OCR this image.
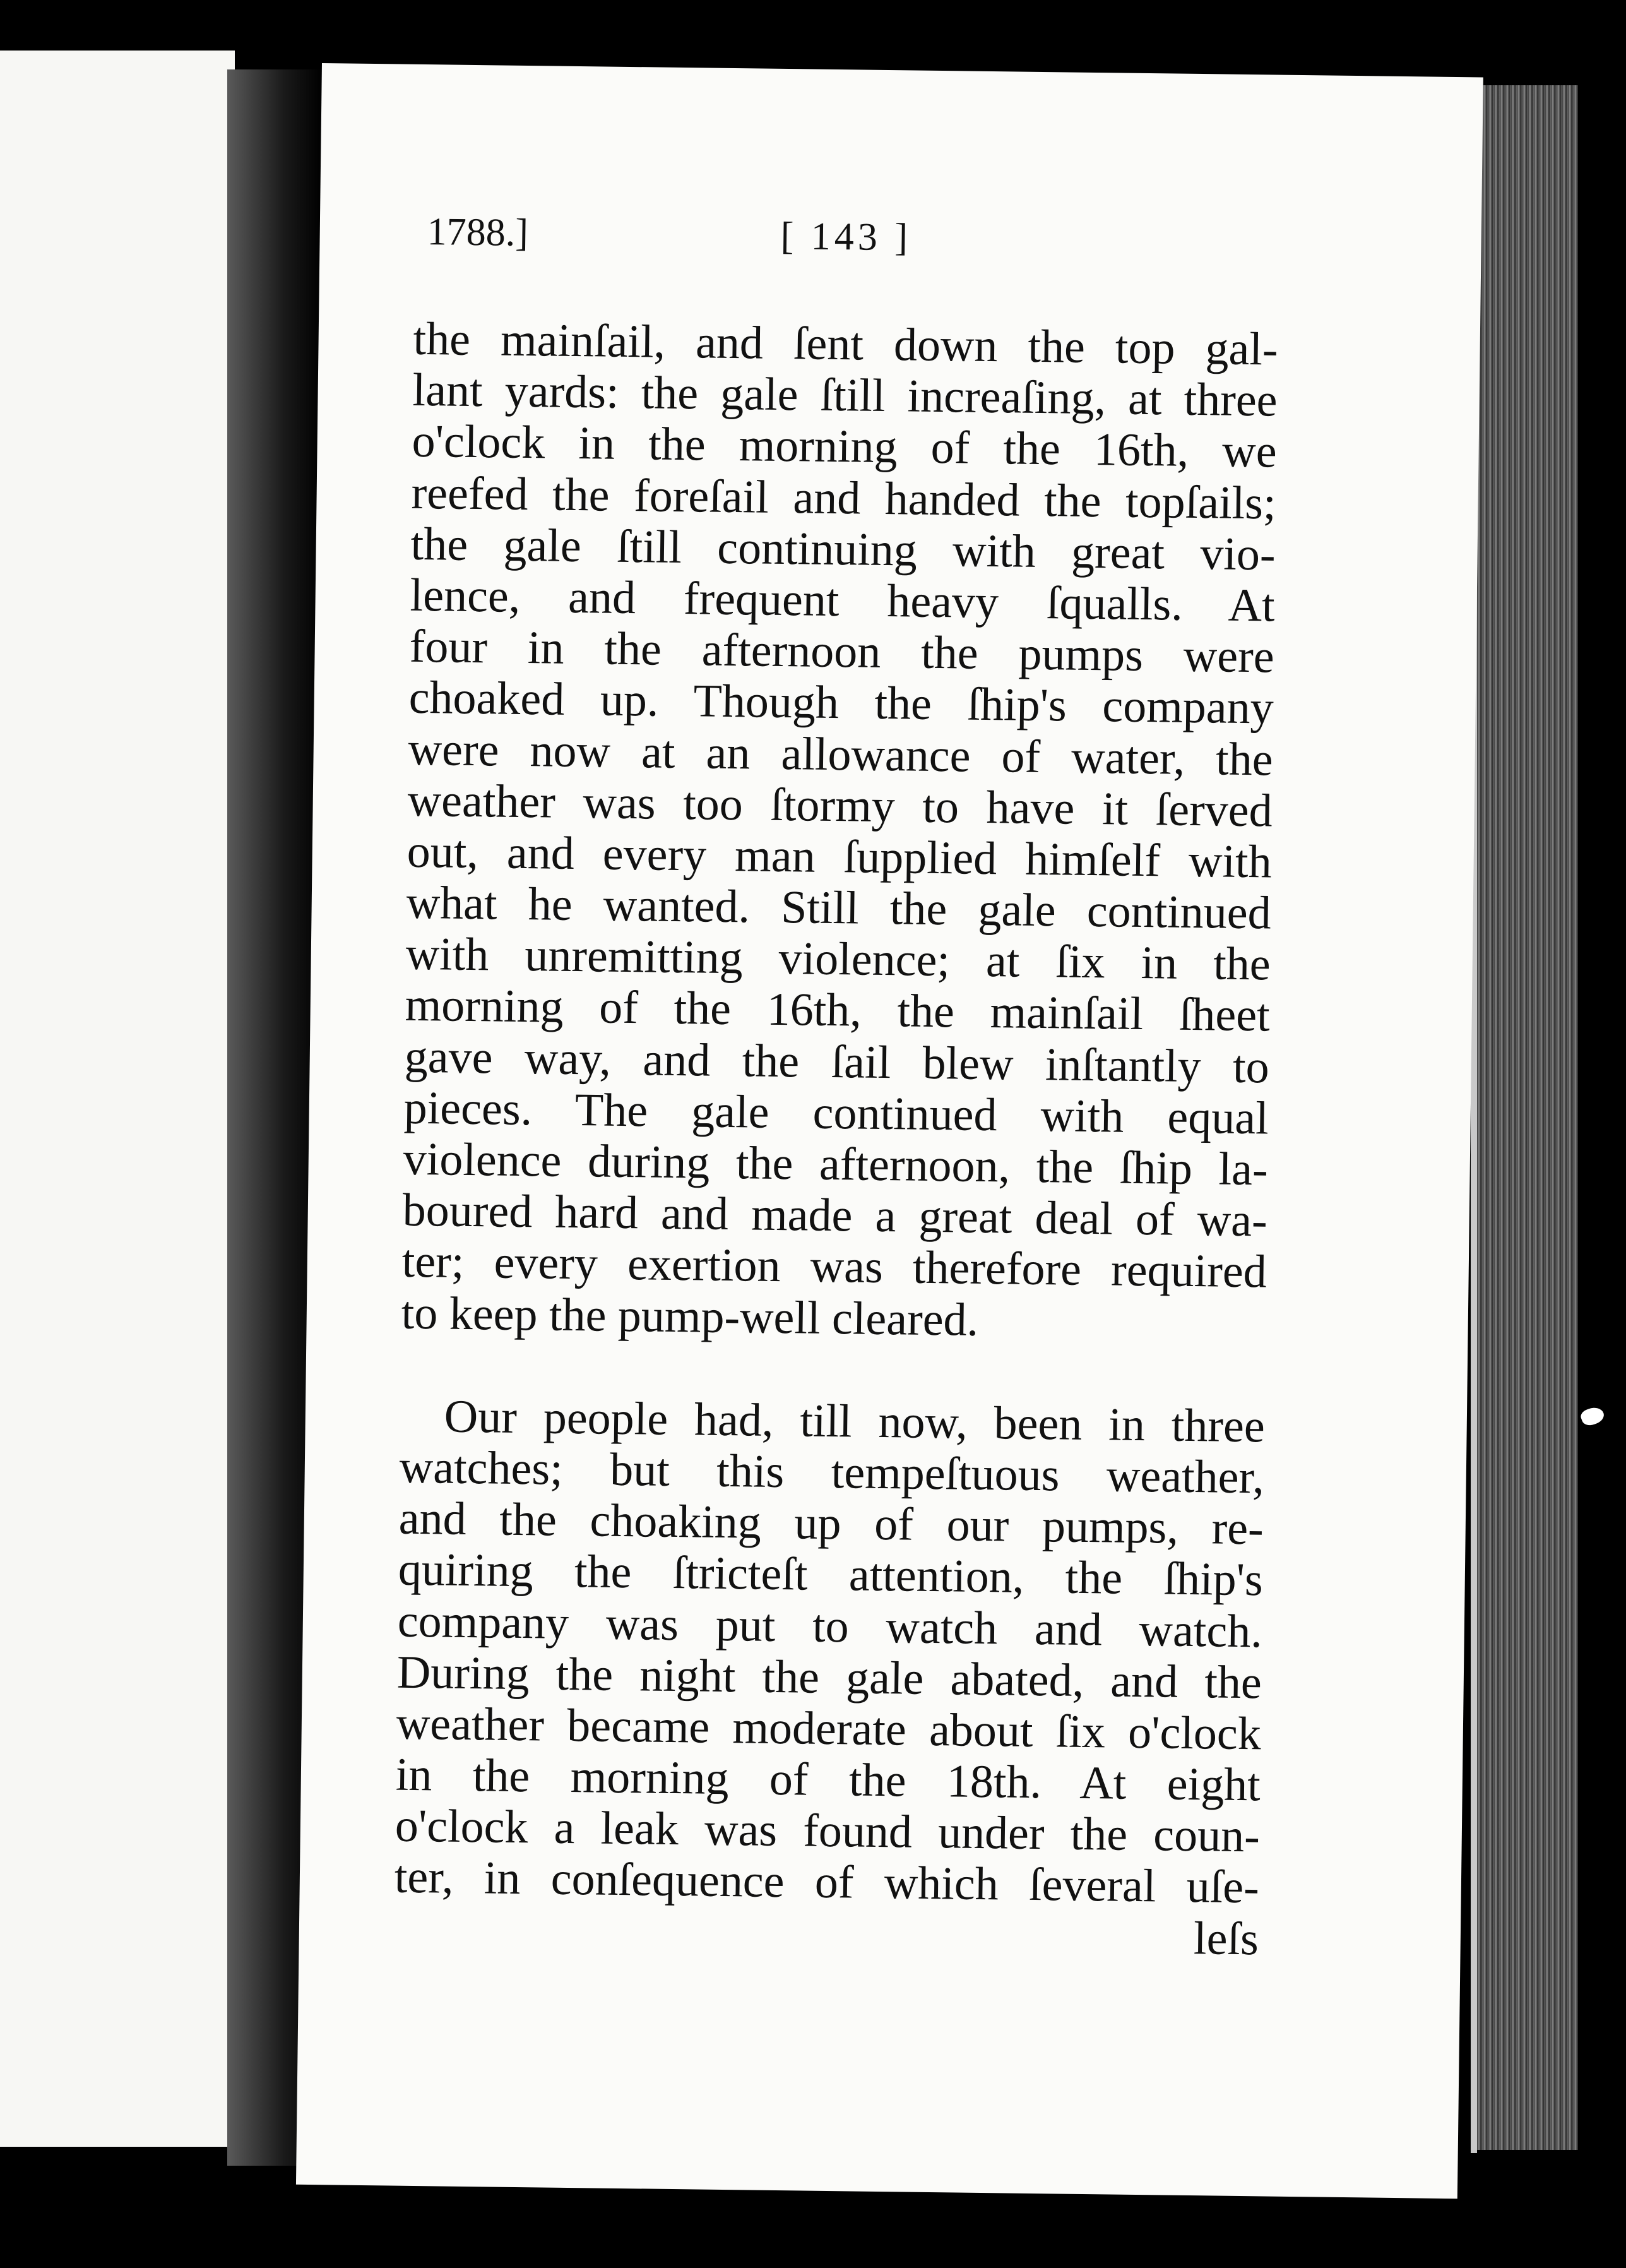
1788.]	[ 143 ]
the mainſail, and ſent down the top gal-
lant yards: the gale ſtill increaſing, at three
o'clock in the morning of the 16th, we
reefed the foreſail and handed the topſails;
the gale ſtill continuing with great vio-
lence, and frequent heavy ſqualls. At
four in the afternoon the pumps were
choaked up. Though the ſhip's company
were now at an allowance of water, the
weather was too ſtormy to have it ſerved
out, and every man ſupplied himſelf with
what he wanted. Still the gale continued
with unremitting violence; at ſix in the
morning of the 16th, the mainſail ſheet
gave way, and the ſail blew inſtantly to
pieces. The gale continued with equal
violence during the afternoon, the ſhip la-
boured hard and made a great deal of wa-
ter; every exertion was therefore required
to keep the pump-well cleared.
Our people had, till now, been in three
watches; but this tempeſtuous weather,
and the choaking up of our pumps, re-
quiring the ſtricteſt attention, the ſhip's
company was put to watch and watch.
During the night the gale abated, and the
weather became moderate about ſix o'clock
in the morning of the 18th. At eight
o'clock a leak was found under the coun-
ter, in conſequence of which ſeveral uſe-
leſs
